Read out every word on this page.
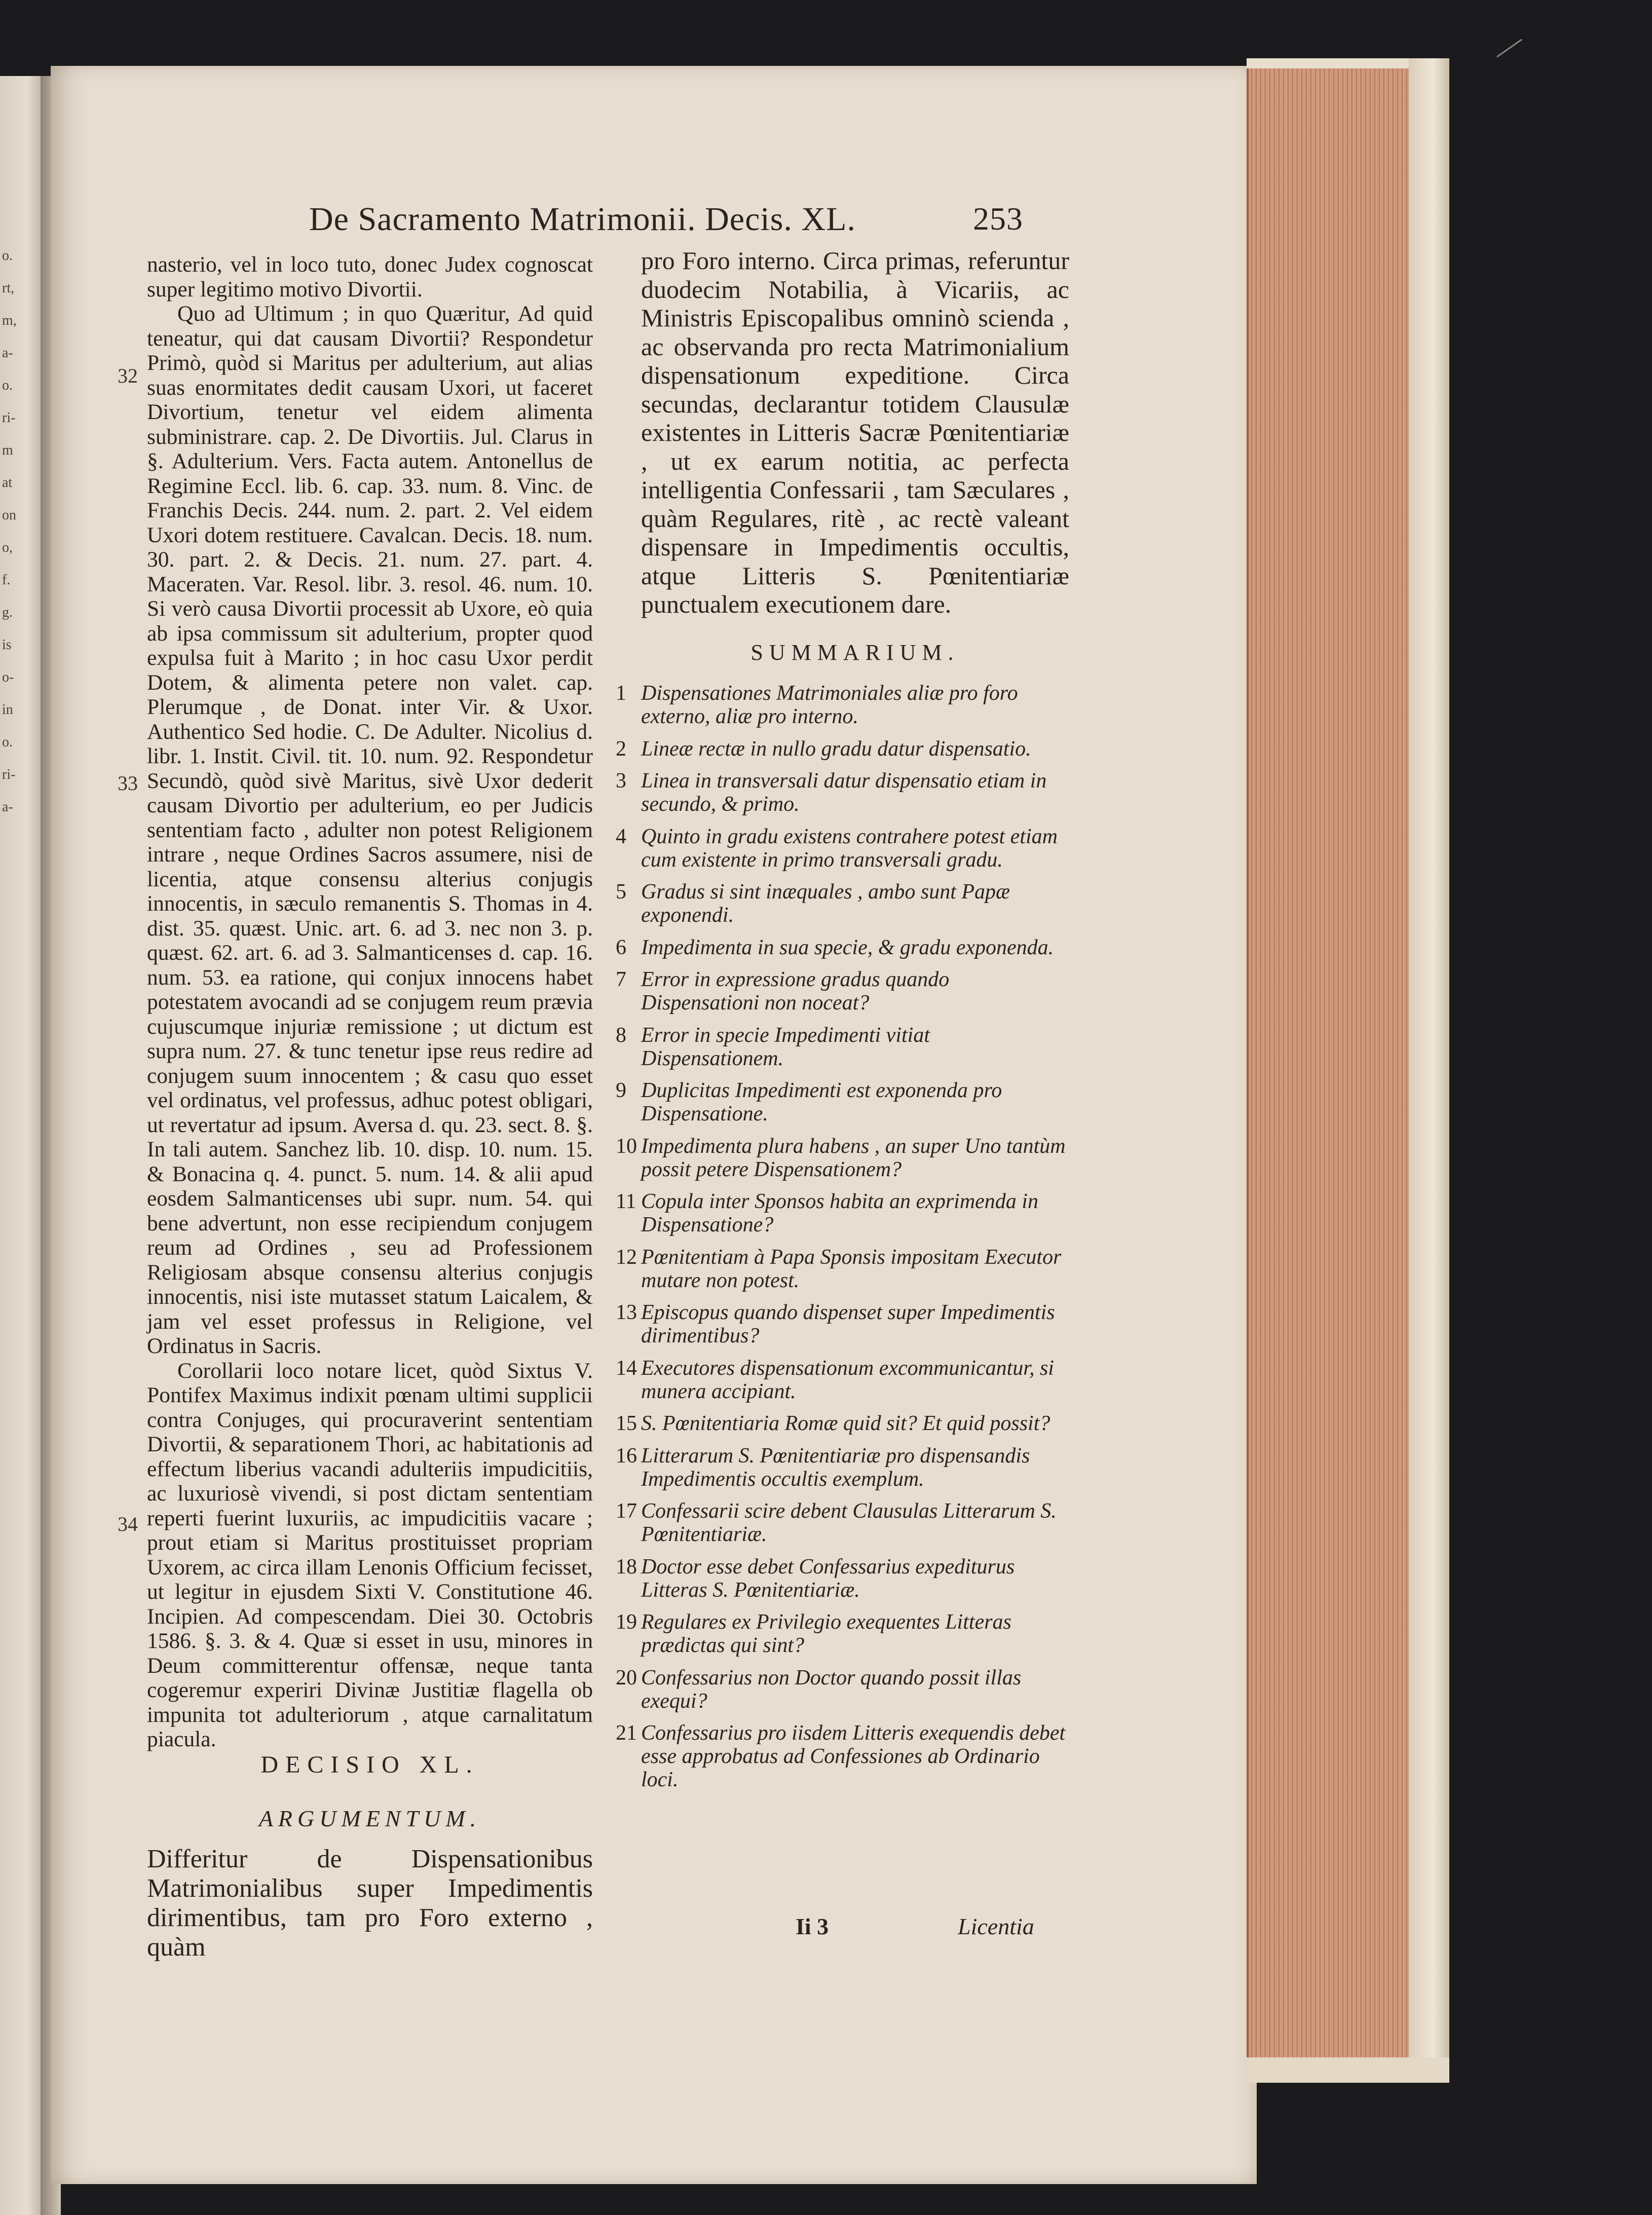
o.
rt,
m,
a-
o.
ri-
m
at
on
o,
f.
g.
is
o-
in
o.
ri-
a-
De Sacramento Matrimonii. Decis. XL.	253

nasterio, vel in loco tuto, donec Judex cognoscat super legitimo motivo Divortii.

Quo ad Ultimum ; in quo Quæritur, Ad quid teneatur, qui dat causam Divortii? Respondetur Primò, quòd si Maritus per adulterium, aut alias suas enormitates dedit causam Uxori, ut faceret Divortium, tenetur vel eidem alimenta subministrare. cap. 2. De Divortiis. Jul. Clarus in §. Adulterium. Vers. Facta autem. Antonellus de Regimine Eccl. lib. 6. cap. 33. num. 8. Vinc. de Franchis Decis. 244. num. 2. part. 2. Vel eidem Uxori dotem restituere. Cavalcan. Decis. 18. num. 30. part. 2. & Decis. 21. num. 27. part. 4. Maceraten. Var. Resol. libr. 3. resol. 46. num. 10. Si verò causa Divortii processit ab Uxore, eò quia ab ipsa commissum sit adulterium, propter quod expulsa fuit à Marito ; in hoc casu Uxor perdit Dotem, & alimenta petere non valet. cap. Plerumque , de Donat. inter Vir. & Uxor. Authentico Sed hodie. C. De Adulter. Nicolius d. libr. 1. Instit. Civil. tit. 10. num. 92. Respondetur Secundò, quòd sivè Maritus, sivè Uxor dederit causam Divortio per adulterium, eo per Judicis sententiam facto , adulter non potest Religionem intrare , neque Ordines Sacros assumere, nisi de licentia, atque consensu alterius conjugis innocentis, in sæculo remanentis S. Thomas in 4. dist. 35. quæst. Unic. art. 6. ad 3. nec non 3. p. quæst. 62. art. 6. ad 3. Salmanticenses d. cap. 16. num. 53. ea ratione, qui conjux innocens habet potestatem avocandi ad se conjugem reum prævia cujuscumque injuriæ remissione ; ut dictum est supra num. 27. & tunc tenetur ipse reus redire ad conjugem suum innocentem ; & casu quo esset vel ordinatus, vel professus, adhuc potest obligari, ut revertatur ad ipsum. Aversa d. qu. 23. sect. 8. §. In tali autem. Sanchez lib. 10. disp. 10. num. 15. & Bonacina q. 4. punct. 5. num. 14. & alii apud eosdem Salmanticenses ubi supr. num. 54. qui bene advertunt, non esse recipiendum conjugem reum ad Ordines , seu ad Professionem Religiosam absque consensu alterius conjugis innocentis, nisi iste mutasset statum Laicalem, & jam vel esset professus in Religione, vel Ordinatus in Sacris.

Corollarii loco notare licet, quòd Sixtus V. Pontifex Maximus indixit pœnam ultimi supplicii contra Conjuges, qui procuraverint sententiam Divortii, & separationem Thori, ac habitationis ad effectum liberius vacandi adulteriis impudicitiis, ac luxuriosè vivendi, si post dictam sententiam reperti fuerint luxuriis, ac impudicitiis vacare ; prout etiam si Maritus prostituisset propriam Uxorem, ac circa illam Lenonis Officium fecisset, ut legitur in ejusdem Sixti V. Constitutione 46. Incipien. Ad compescendam. Diei 30. Octobris 1586. §. 3. & 4. Quæ si esset in usu, minores in Deum committerentur offensæ, neque tanta cogeremur experiri Divinæ Justitiæ flagella ob impunita tot adulteriorum , atque carnalitatum piacula.

32
33
34
DECISIO XL.
ARGUMENTUM.
Differitur de Dispensationibus Matrimonialibus super Impedimentis dirimentibus, tam pro Foro externo , quàm

pro Foro interno. Circa primas, referuntur duodecim Notabilia, à Vicariis, ac Ministris Episcopalibus omninò scienda , ac observanda pro recta Matrimonialium dispensationum expeditione. Circa secundas, declarantur totidem Clausulæ existentes in Litteris Sacræ Pœnitentiariæ , ut ex earum notitia, ac perfecta intelligentia Confessarii , tam Sæculares , quàm Regulares, ritè , ac rectè valeant dispensare in Impedimentis occultis, atque Litteris S. Pœnitentiariæ punctualem executionem dare.

SUMMARIUM.
1 Dispensationes Matrimoniales aliæ pro foro externo, aliæ pro interno.
2 Lineæ rectæ in nullo gradu datur dispensatio.
3 Linea in transversali datur dispensatio etiam in secundo, & primo.
4 Quinto in gradu existens contrahere potest etiam cum existente in primo transversali gradu.
5 Gradus si sint inæquales , ambo sunt Papæ exponendi.
6 Impedimenta in sua specie, & gradu exponenda.
7 Error in expressione gradus quando Dispensationi non noceat?
8 Error in specie Impedimenti vitiat Dispensationem.
9 Duplicitas Impedimenti est exponenda pro Dispensatione.
10 Impedimenta plura habens , an super Uno tantùm possit petere Dispensationem?
11 Copula inter Sponsos habita an exprimenda in Dispensatione?
12 Pœnitentiam à Papa Sponsis impositam Executor mutare non potest.
13 Episcopus quando dispenset super Impedimentis dirimentibus?
14 Executores dispensationum excommunicantur, si munera accipiant.
15 S. Pœnitentiaria Romæ quid sit? Et quid possit?
16 Litterarum S. Pœnitentiariæ pro dispensandis Impedimentis occultis exemplum.
17 Confessarii scire debent Clausulas Litterarum S. Pœnitentiariæ.
18 Doctor esse debet Confessarius expediturus Litteras S. Pœnitentiariæ.
19 Regulares ex Privilegio exequentes Litteras prædictas qui sint?
20 Confessarius non Doctor quando possit illas exequi?
21 Confessarius pro iisdem Litteris exequendis debet esse approbatus ad Confessiones ab Ordinario loci.
Ii 3	Licentia
